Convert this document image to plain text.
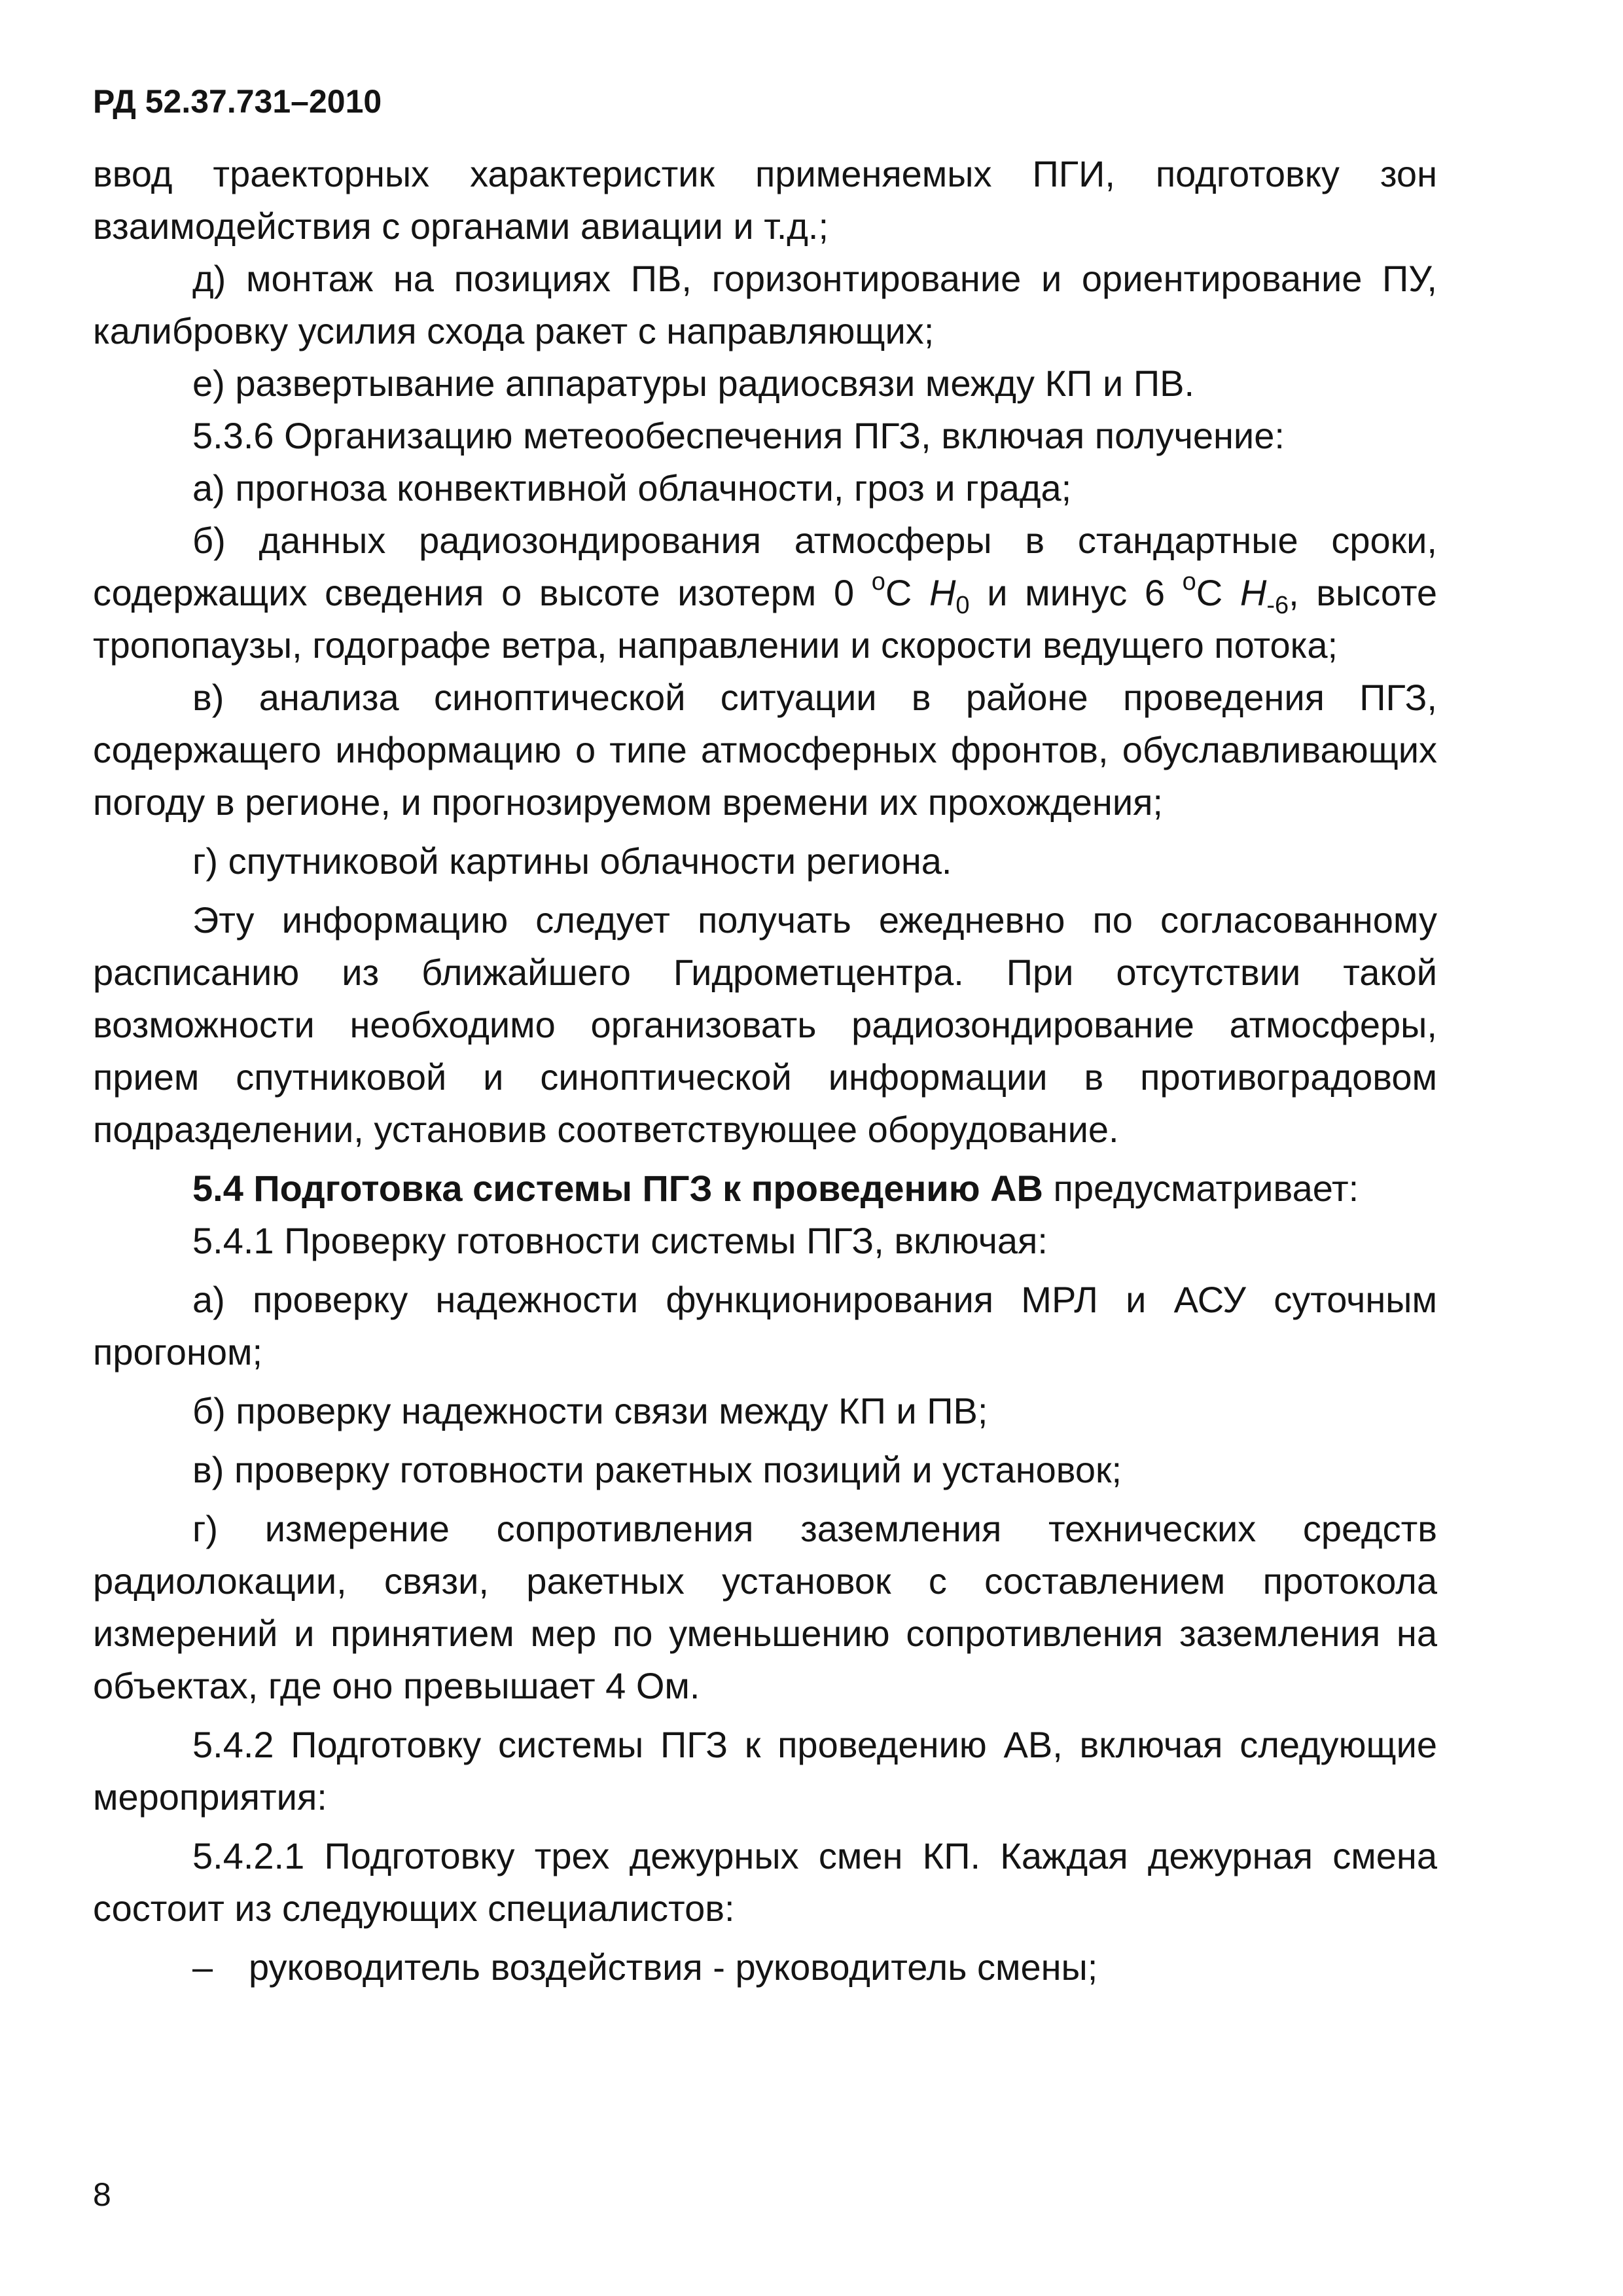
РД 52.37.731–2010

ввод траекторных характеристик применяемых ПГИ, подготовку зон взаимодействия с органами авиации и т.д.;

д) монтаж на позициях ПВ, горизонтирование и ориентирование ПУ, калибровку усилия схода ракет с направляющих;

е) развертывание аппаратуры радиосвязи между КП и ПВ.

5.3.6 Организацию метеообеспечения ПГЗ, включая получение:

а) прогноза конвективной облачности, гроз и града;

б) данных радиозондирования атмосферы в стандартные сроки, содержащих сведения о высоте изотерм 0 $^о$С $H_0$ и минус 6 $^о$С $H_{-6}$, высоте тропопаузы, годографе ветра, направлении и скорости ведущего потока;

в) анализа синоптической ситуации в районе проведения ПГЗ, содержащего информацию о типе атмосферных фронтов, обуславливающих погоду в регионе, и прогнозируемом времени их прохождения;

г) спутниковой картины облачности региона.

Эту информацию следует получать ежедневно по согласованному расписанию из ближайшего Гидрометцентра. При отсутствии такой возможности необходимо организовать радиозондирование атмосферы, прием спутниковой и синоптической информации в противоградовом подразделении, установив соответствующее оборудование.

5.4 Подготовка системы ПГЗ к проведению АВ предусматривает:

5.4.1 Проверку готовности системы ПГЗ, включая:

а) проверку надежности функционирования МРЛ и АСУ суточным прогоном;

б) проверку надежности связи между КП и ПВ;

в) проверку готовности ракетных позиций и установок;

г) измерение сопротивления заземления технических средств радиолокации, связи, ракетных установок с составлением протокола измерений и принятием мер по уменьшению сопротивления заземления на объектах, где оно превышает 4 Ом.

5.4.2 Подготовку системы ПГЗ к проведению АВ, включая следующие мероприятия:

5.4.2.1 Подготовку трех дежурных смен КП. Каждая дежурная смена состоит из следующих специалистов:

– руководитель воздействия - руководитель смены;
8
